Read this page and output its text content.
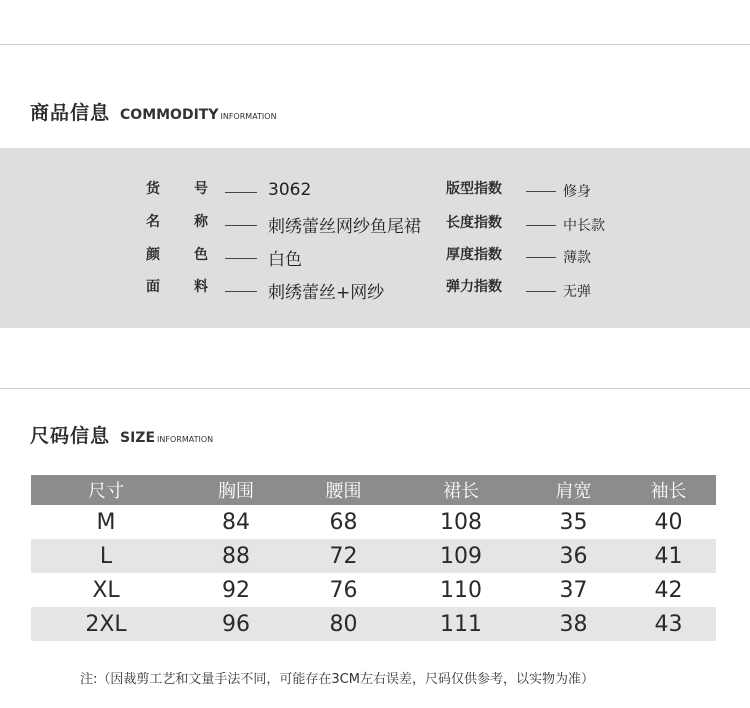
商品信息 COMMODITY INFORMATION
货 号	3062
名 称	刺绣蕾丝网纱鱼尾裙
颜 色	白色
面 料	刺绣蕾丝+网纱
版型指数	修身
长度指数	中长款
厚度指数	薄款
弹力指数	无弹
尺码信息 SIZE INFORMATION
尺寸	胸围	腰围	裙长	肩宽	袖长
M	84	68	108	35	40
L	88	72	109	36	41
XL	92	76	110	37	42
2XL	96	80	111	38	43
注:（因裁剪工艺和文量手法不同，可能存在3CM左右误差，尺码仅供参考，以实物为准）
